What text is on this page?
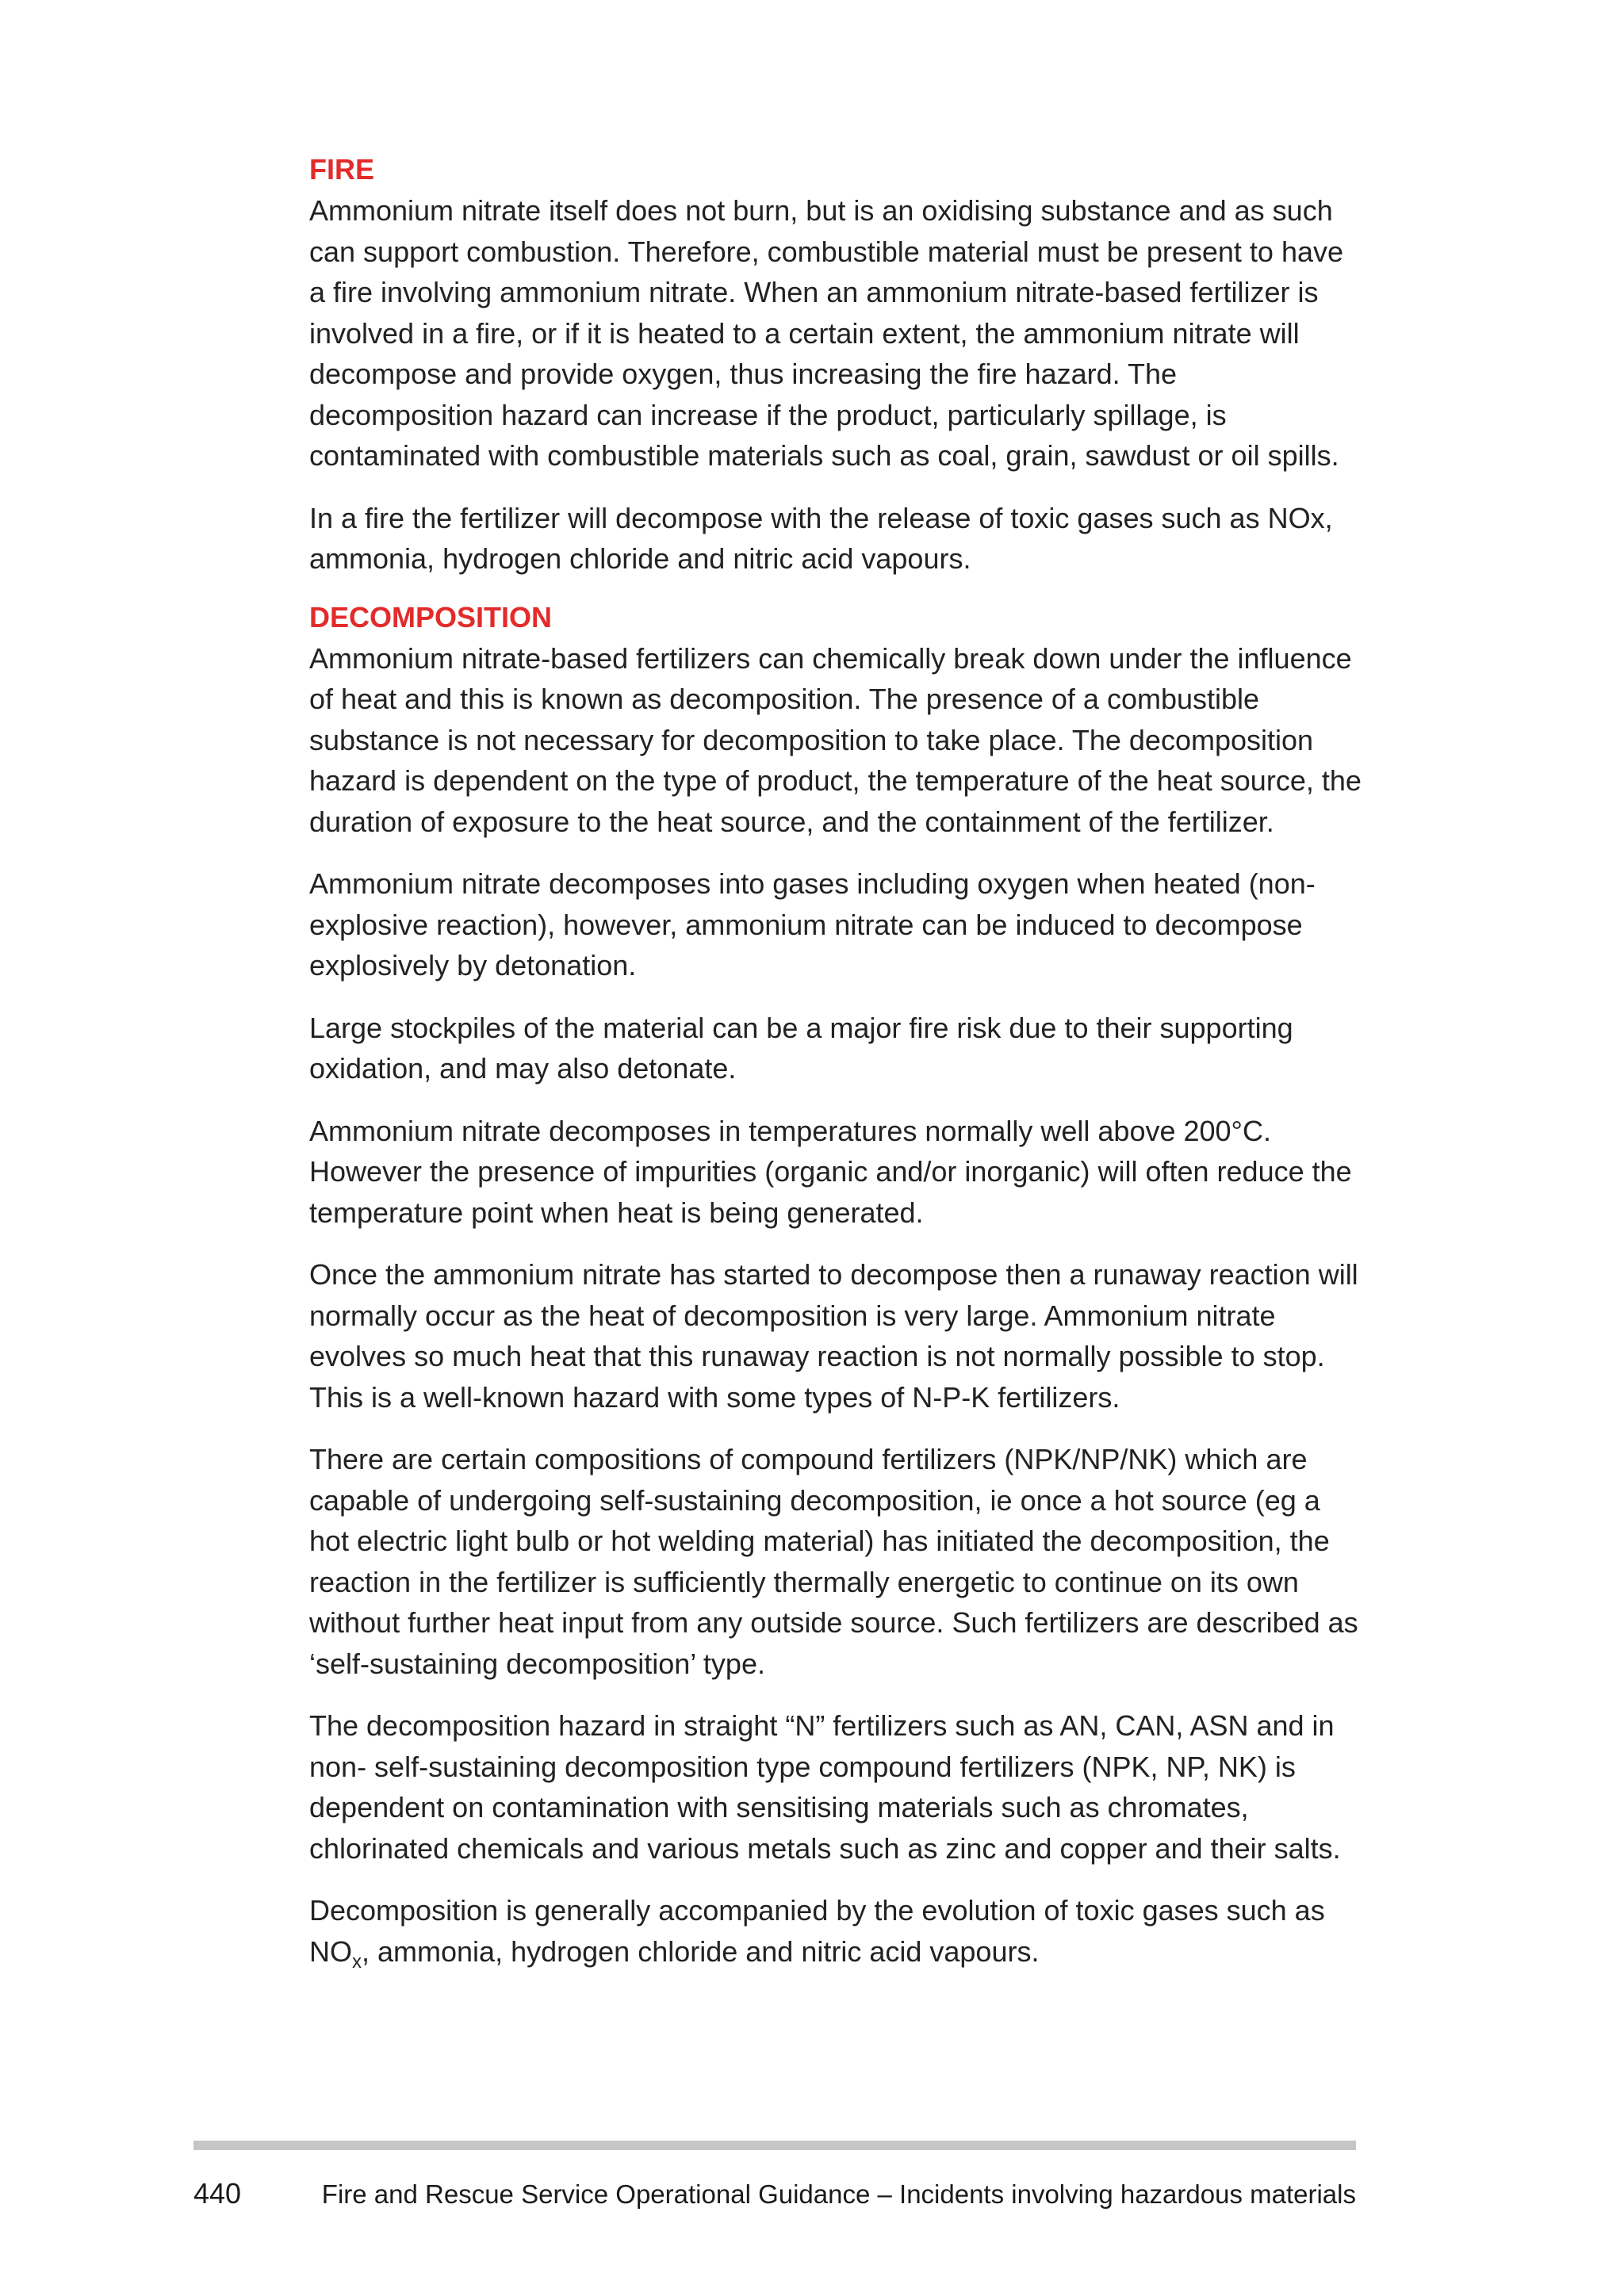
FIRE

Ammonium nitrate itself does not burn, but is an oxidising substance and as such can support combustion. Therefore, combustible material must be present to have a fire involving ammonium nitrate. When an ammonium nitrate-based fertilizer is involved in a fire, or if it is heated to a certain extent, the ammonium nitrate will decompose and provide oxygen, thus increasing the fire hazard. The decomposition hazard can increase if the product, particularly spillage, is contaminated with combustible materials such as coal, grain, sawdust or oil spills.

In a fire the fertilizer will decompose with the release of toxic gases such as NOx, ammonia, hydrogen chloride and nitric acid vapours.

DECOMPOSITION

Ammonium nitrate-based fertilizers can chemically break down under the influence of heat and this is known as decomposition. The presence of a combustible substance is not necessary for decomposition to take place. The decomposition hazard is dependent on the type of product, the temperature of the heat source, the duration of exposure to the heat source, and the containment of the fertilizer.

Ammonium nitrate decomposes into gases including oxygen when heated (non-explosive reaction), however, ammonium nitrate can be induced to decompose explosively by detonation.

Large stockpiles of the material can be a major fire risk due to their supporting oxidation, and may also detonate.

Ammonium nitrate decomposes in temperatures normally well above 200°C. However the presence of impurities (organic and/or inorganic) will often reduce the temperature point when heat is being generated.

Once the ammonium nitrate has started to decompose then a runaway reaction will normally occur as the heat of decomposition is very large. Ammonium nitrate evolves so much heat that this runaway reaction is not normally possible to stop. This is a well-known hazard with some types of N-P-K fertilizers.

There are certain compositions of compound fertilizers (NPK/NP/NK) which are capable of undergoing self-sustaining decomposition, ie once a hot source (eg a hot electric light bulb or hot welding material) has initiated the decomposition, the reaction in the fertilizer is sufficiently thermally energetic to continue on its own without further heat input from any outside source. Such fertilizers are described as ‘self-sustaining decomposition’ type.

The decomposition hazard in straight “N” fertilizers such as AN, CAN, ASN and in non- self-sustaining decomposition type compound fertilizers (NPK, NP, NK) is dependent on contamination with sensitising materials such as chromates, chlorinated chemicals and various metals such as zinc and copper and their salts.

Decomposition is generally accompanied by the evolution of toxic gases such as $NO_x$, ammonia, hydrogen chloride and nitric acid vapours.

440	Fire and Rescue Service Operational Guidance – Incidents involving hazardous materials
